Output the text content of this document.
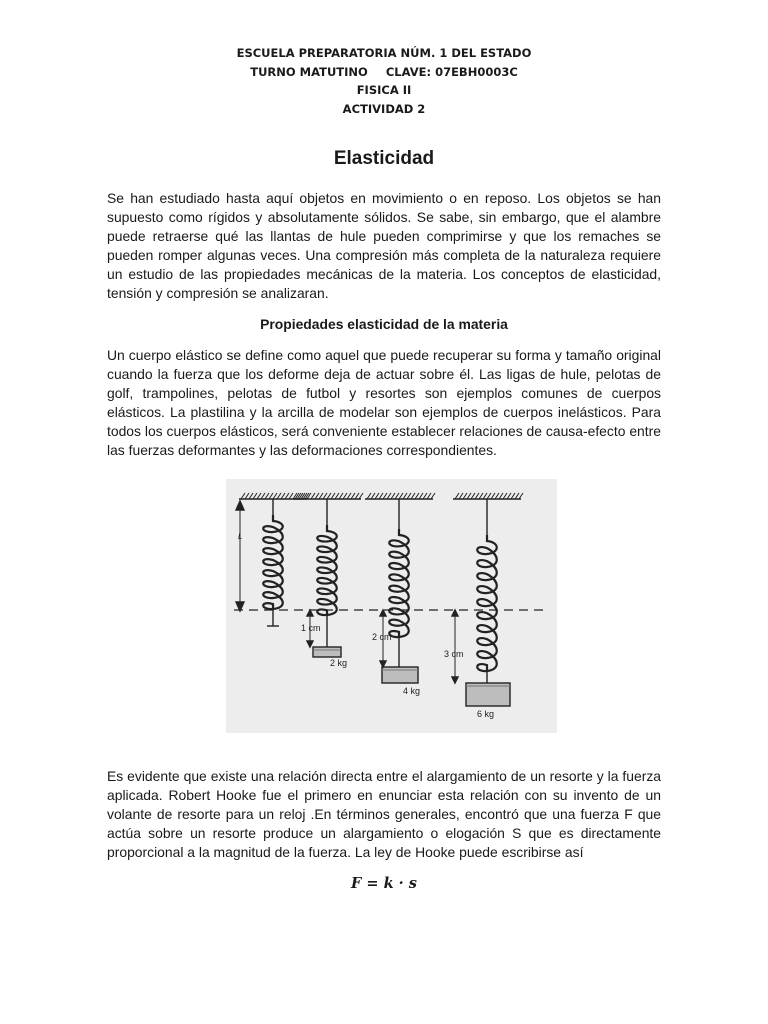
ESCUELA PREPARATORIA NÚM. 1 DEL ESTADO
TURNO MATUTINO CLAVE: 07EBH0003C
FISICA II
ACTIVIDAD 2
Elasticidad

Se han estudiado hasta aquí objetos en movimiento o en reposo. Los objetos se han supuesto como rígidos y absolutamente sólidos. Se sabe, sin embargo, que el alambre puede retraerse qué las llantas de hule pueden comprimirse y que los remaches se pueden romper algunas veces. Una compresión más completa de la naturaleza requiere un estudio de las propiedades mecánicas de la materia. Los conceptos de elasticidad, tensión y compresión se analizaran.

Propiedades elasticidad de la materia

Un cuerpo elástico se define como aquel que puede recuperar su forma y tamaño original cuando la fuerza que los deforme deja de actuar sobre él. Las ligas de hule, pelotas de golf, trampolines, pelotas de futbol y resortes son ejemplos comunes de cuerpos elásticos. La plastilina y la arcilla de modelar son ejemplos de cuerpos inelásticos. Para todos los cuerpos elásticos, será conveniente establecer relaciones de causa-efecto entre las fuerzas deformantes y las deformaciones correspondientes.

L
1 cm
2 kg
2 cm
4 kg
3 cm
6 kg

Es evidente que existe una relación directa entre el alargamiento de un resorte y la fuerza aplicada. Robert Hooke fue el primero en enunciar esta relación con su invento de un volante de resorte para un reloj .En términos generales, encontró que una fuerza F que actúa sobre un resorte produce un alargamiento o elogación S que es directamente proporcional a la magnitud de la fuerza. La ley de Hooke puede escribirse así

F = k · s
